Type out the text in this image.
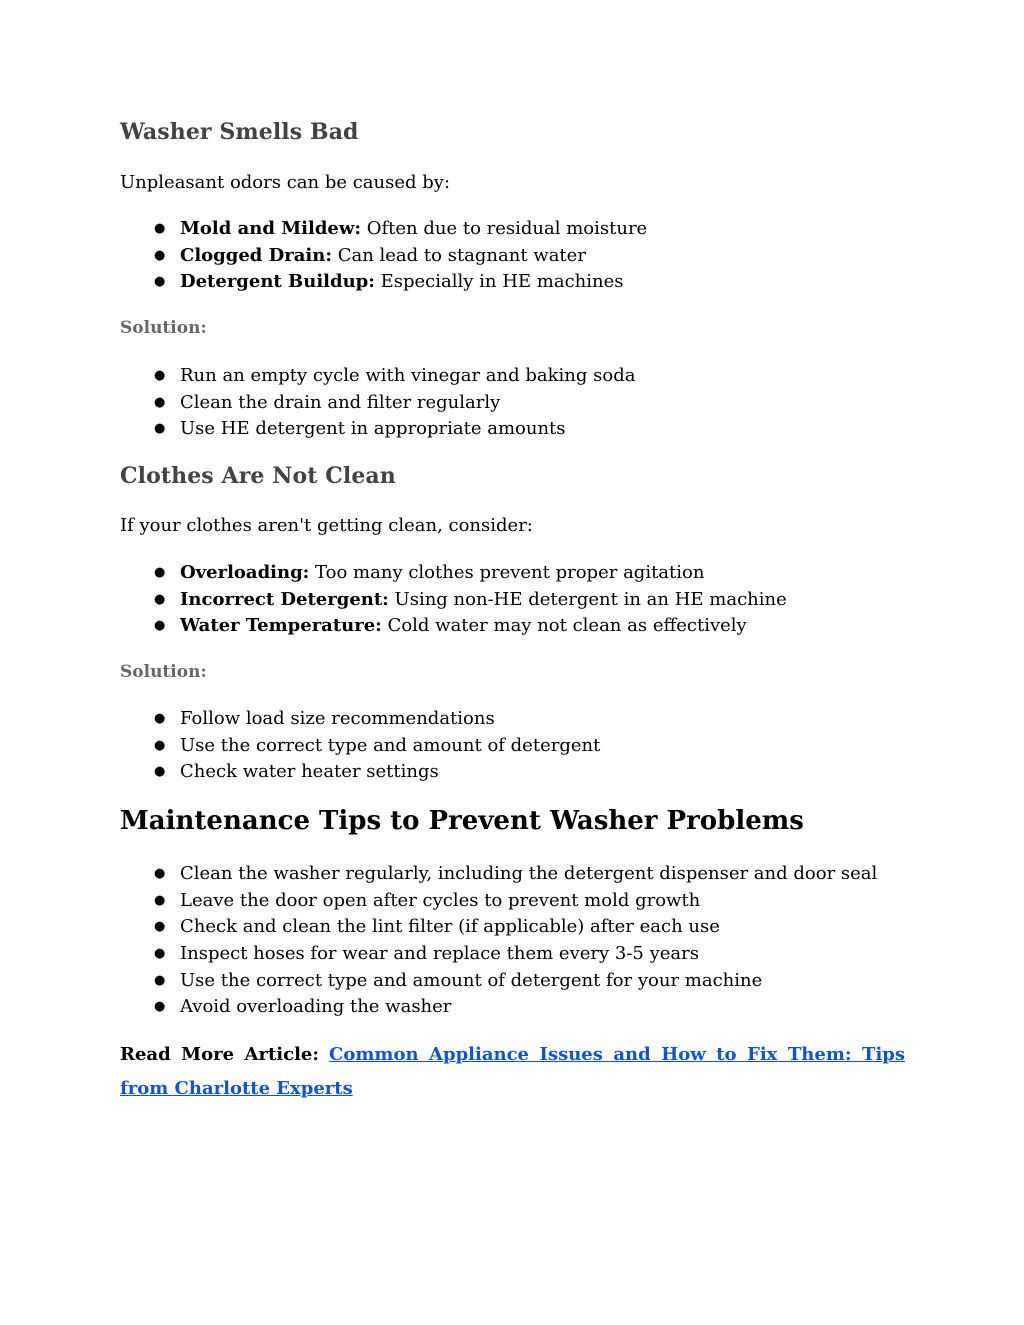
Washer Smells Bad

Unpleasant odors can be caused by:

● Mold and Mildew: Often due to residual moisture
● Clogged Drain: Can lead to stagnant water
● Detergent Buildup: Especially in HE machines
Solution:
● Run an empty cycle with vinegar and baking soda
● Clean the drain and filter regularly
● Use HE detergent in appropriate amounts
Clothes Are Not Clean

If your clothes aren't getting clean, consider:

● Overloading: Too many clothes prevent proper agitation
● Incorrect Detergent: Using non-HE detergent in an HE machine
● Water Temperature: Cold water may not clean as effectively
Solution:
● Follow load size recommendations
● Use the correct type and amount of detergent
● Check water heater settings
Maintenance Tips to Prevent Washer Problems
● Clean the washer regularly, including the detergent dispenser and door seal
● Leave the door open after cycles to prevent mold growth
● Check and clean the lint filter (if applicable) after each use
● Inspect hoses for wear and replace them every 3-5 years
● Use the correct type and amount of detergent for your machine
● Avoid overloading the washer

Read More Article: Common Appliance Issues and How to Fix Them: Tips from Charlotte Experts
